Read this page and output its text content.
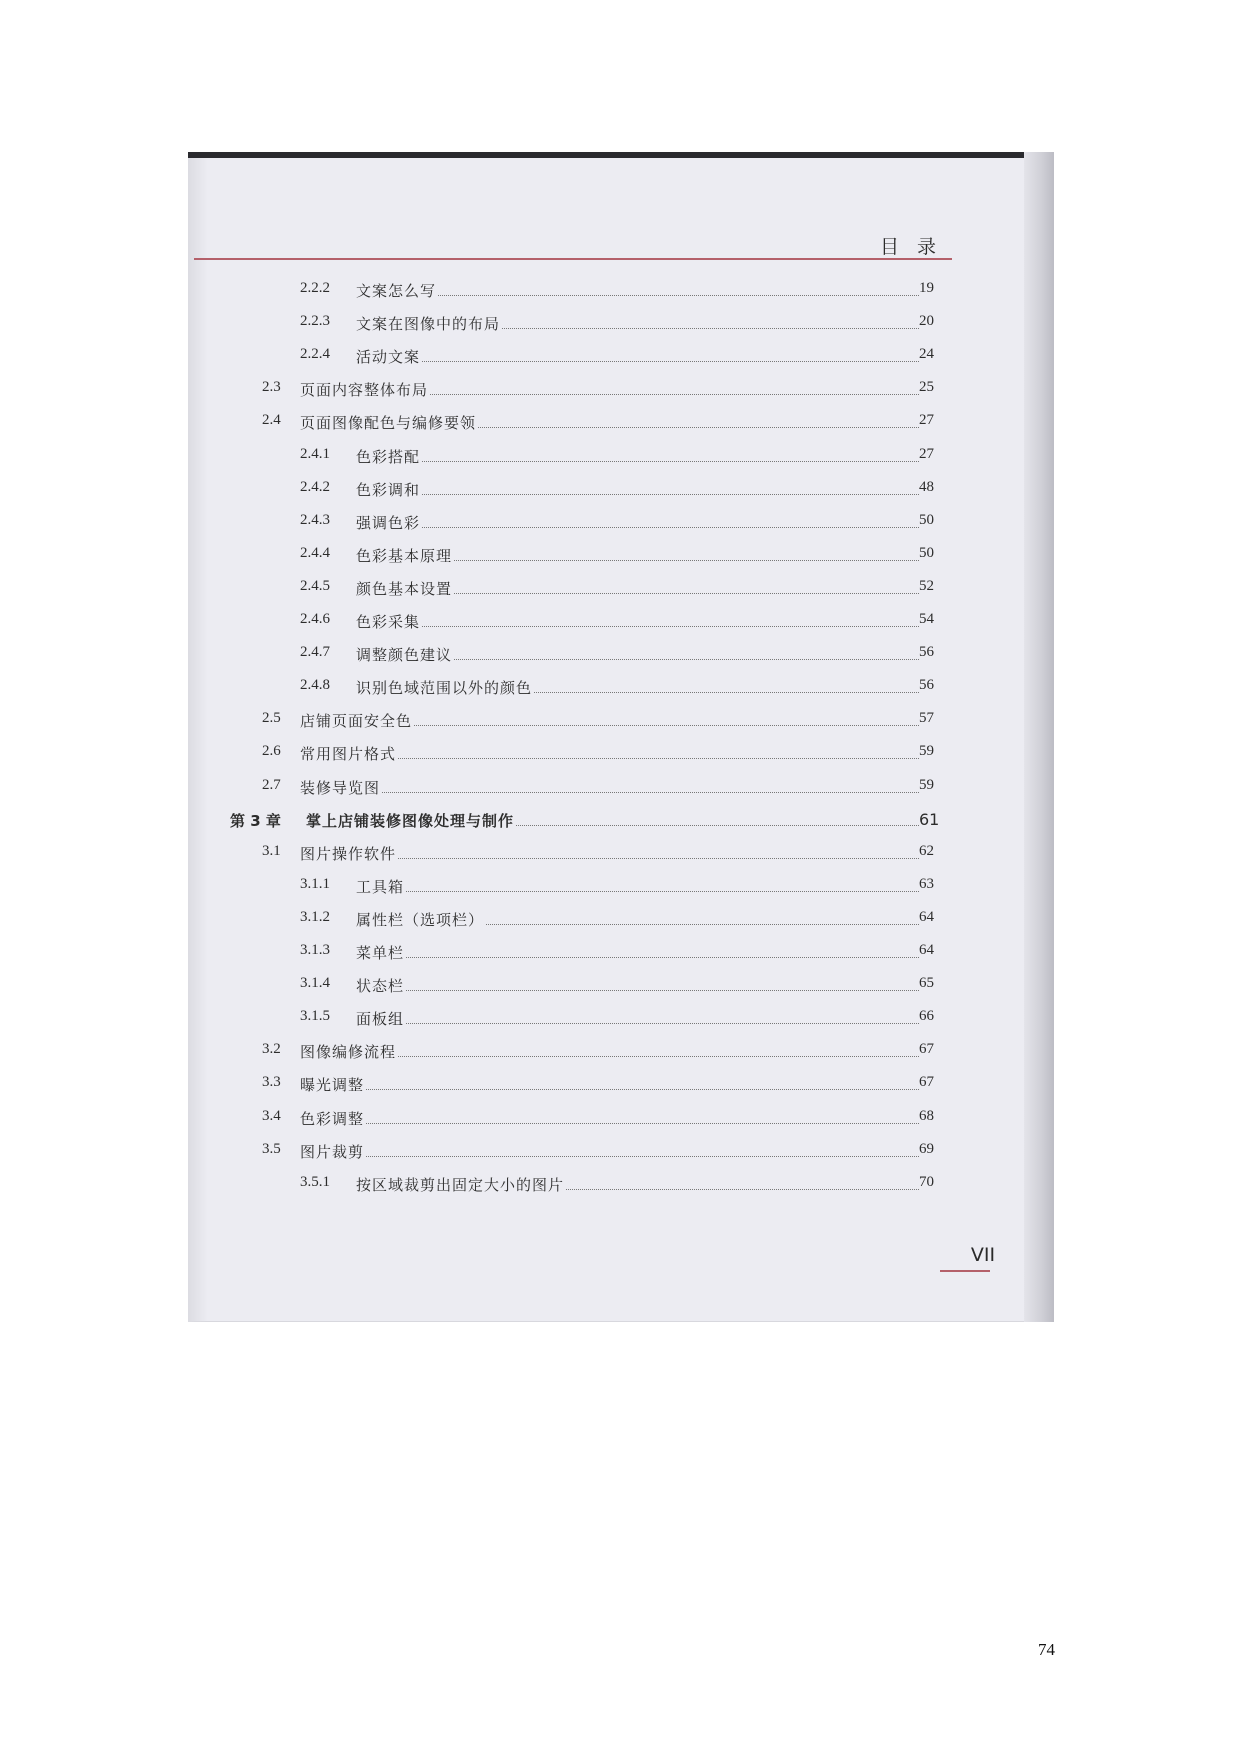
目 录
2.2.2 文案怎么写	19
2.2.3 文案在图像中的布局	20
2.2.4 活动文案	24
2.3 页面内容整体布局	25
2.4 页面图像配色与编修要领	27
2.4.1 色彩搭配	27
2.4.2 色彩调和	48
2.4.3 强调色彩	50
2.4.4 色彩基本原理	50
2.4.5 颜色基本设置	52
2.4.6 色彩采集	54
2.4.7 调整颜色建议	56
2.4.8 识别色域范围以外的颜色	56
2.5 店铺页面安全色	57
2.6 常用图片格式	59
2.7 装修导览图	59
第 3 章 掌上店铺装修图像处理与制作	61
3.1 图片操作软件	62
3.1.1 工具箱	63
3.1.2 属性栏（选项栏）	64
3.1.3 菜单栏	64
3.1.4 状态栏	65
3.1.5 面板组	66
3.2 图像编修流程	67
3.3 曝光调整	67
3.4 色彩调整	68
3.5 图片裁剪	69
3.5.1 按区域裁剪出固定大小的图片	70
VII
74
